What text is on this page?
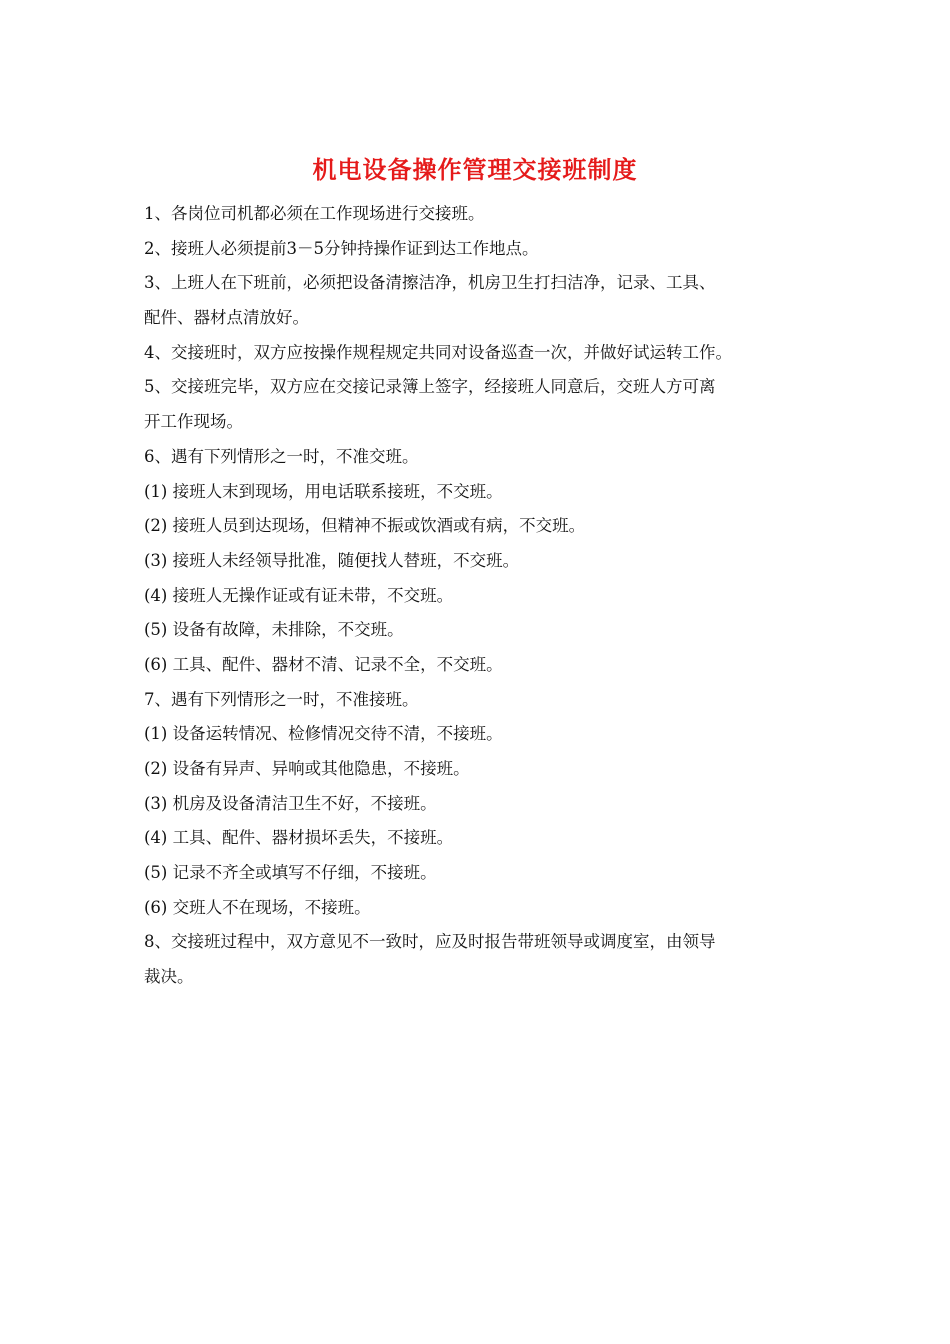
机电设备操作管理交接班制度

1、各岗位司机都必须在工作现场进行交接班。

2、接班人必须提前3－5分钟持操作证到达工作地点。

3、上班人在下班前，必须把设备清擦洁净，机房卫生打扫洁净，记录、工具、

配件、器材点清放好。

4、交接班时，双方应按操作规程规定共同对设备巡查一次，并做好试运转工作。

5、交接班完毕，双方应在交接记录簿上签字，经接班人同意后，交班人方可离

开工作现场。

6、遇有下列情形之一时，不准交班。

(1) 接班人末到现场，用电话联系接班，不交班。

(2) 接班人员到达现场，但精神不振或饮酒或有病，不交班。

(3) 接班人未经领导批准，随便找人替班，不交班。

(4) 接班人无操作证或有证未带，不交班。

(5) 设备有故障，未排除，不交班。

(6) 工具、配件、器材不清、记录不全，不交班。

7、遇有下列情形之一时，不准接班。

(1) 设备运转情况、检修情况交待不清，不接班。

(2) 设备有异声、异响或其他隐患，不接班。

(3) 机房及设备清洁卫生不好，不接班。

(4) 工具、配件、器材损坏丢失，不接班。

(5) 记录不齐全或填写不仔细，不接班。

(6) 交班人不在现场，不接班。

8、交接班过程中，双方意见不一致时，应及时报告带班领导或调度室，由领导

裁决。
